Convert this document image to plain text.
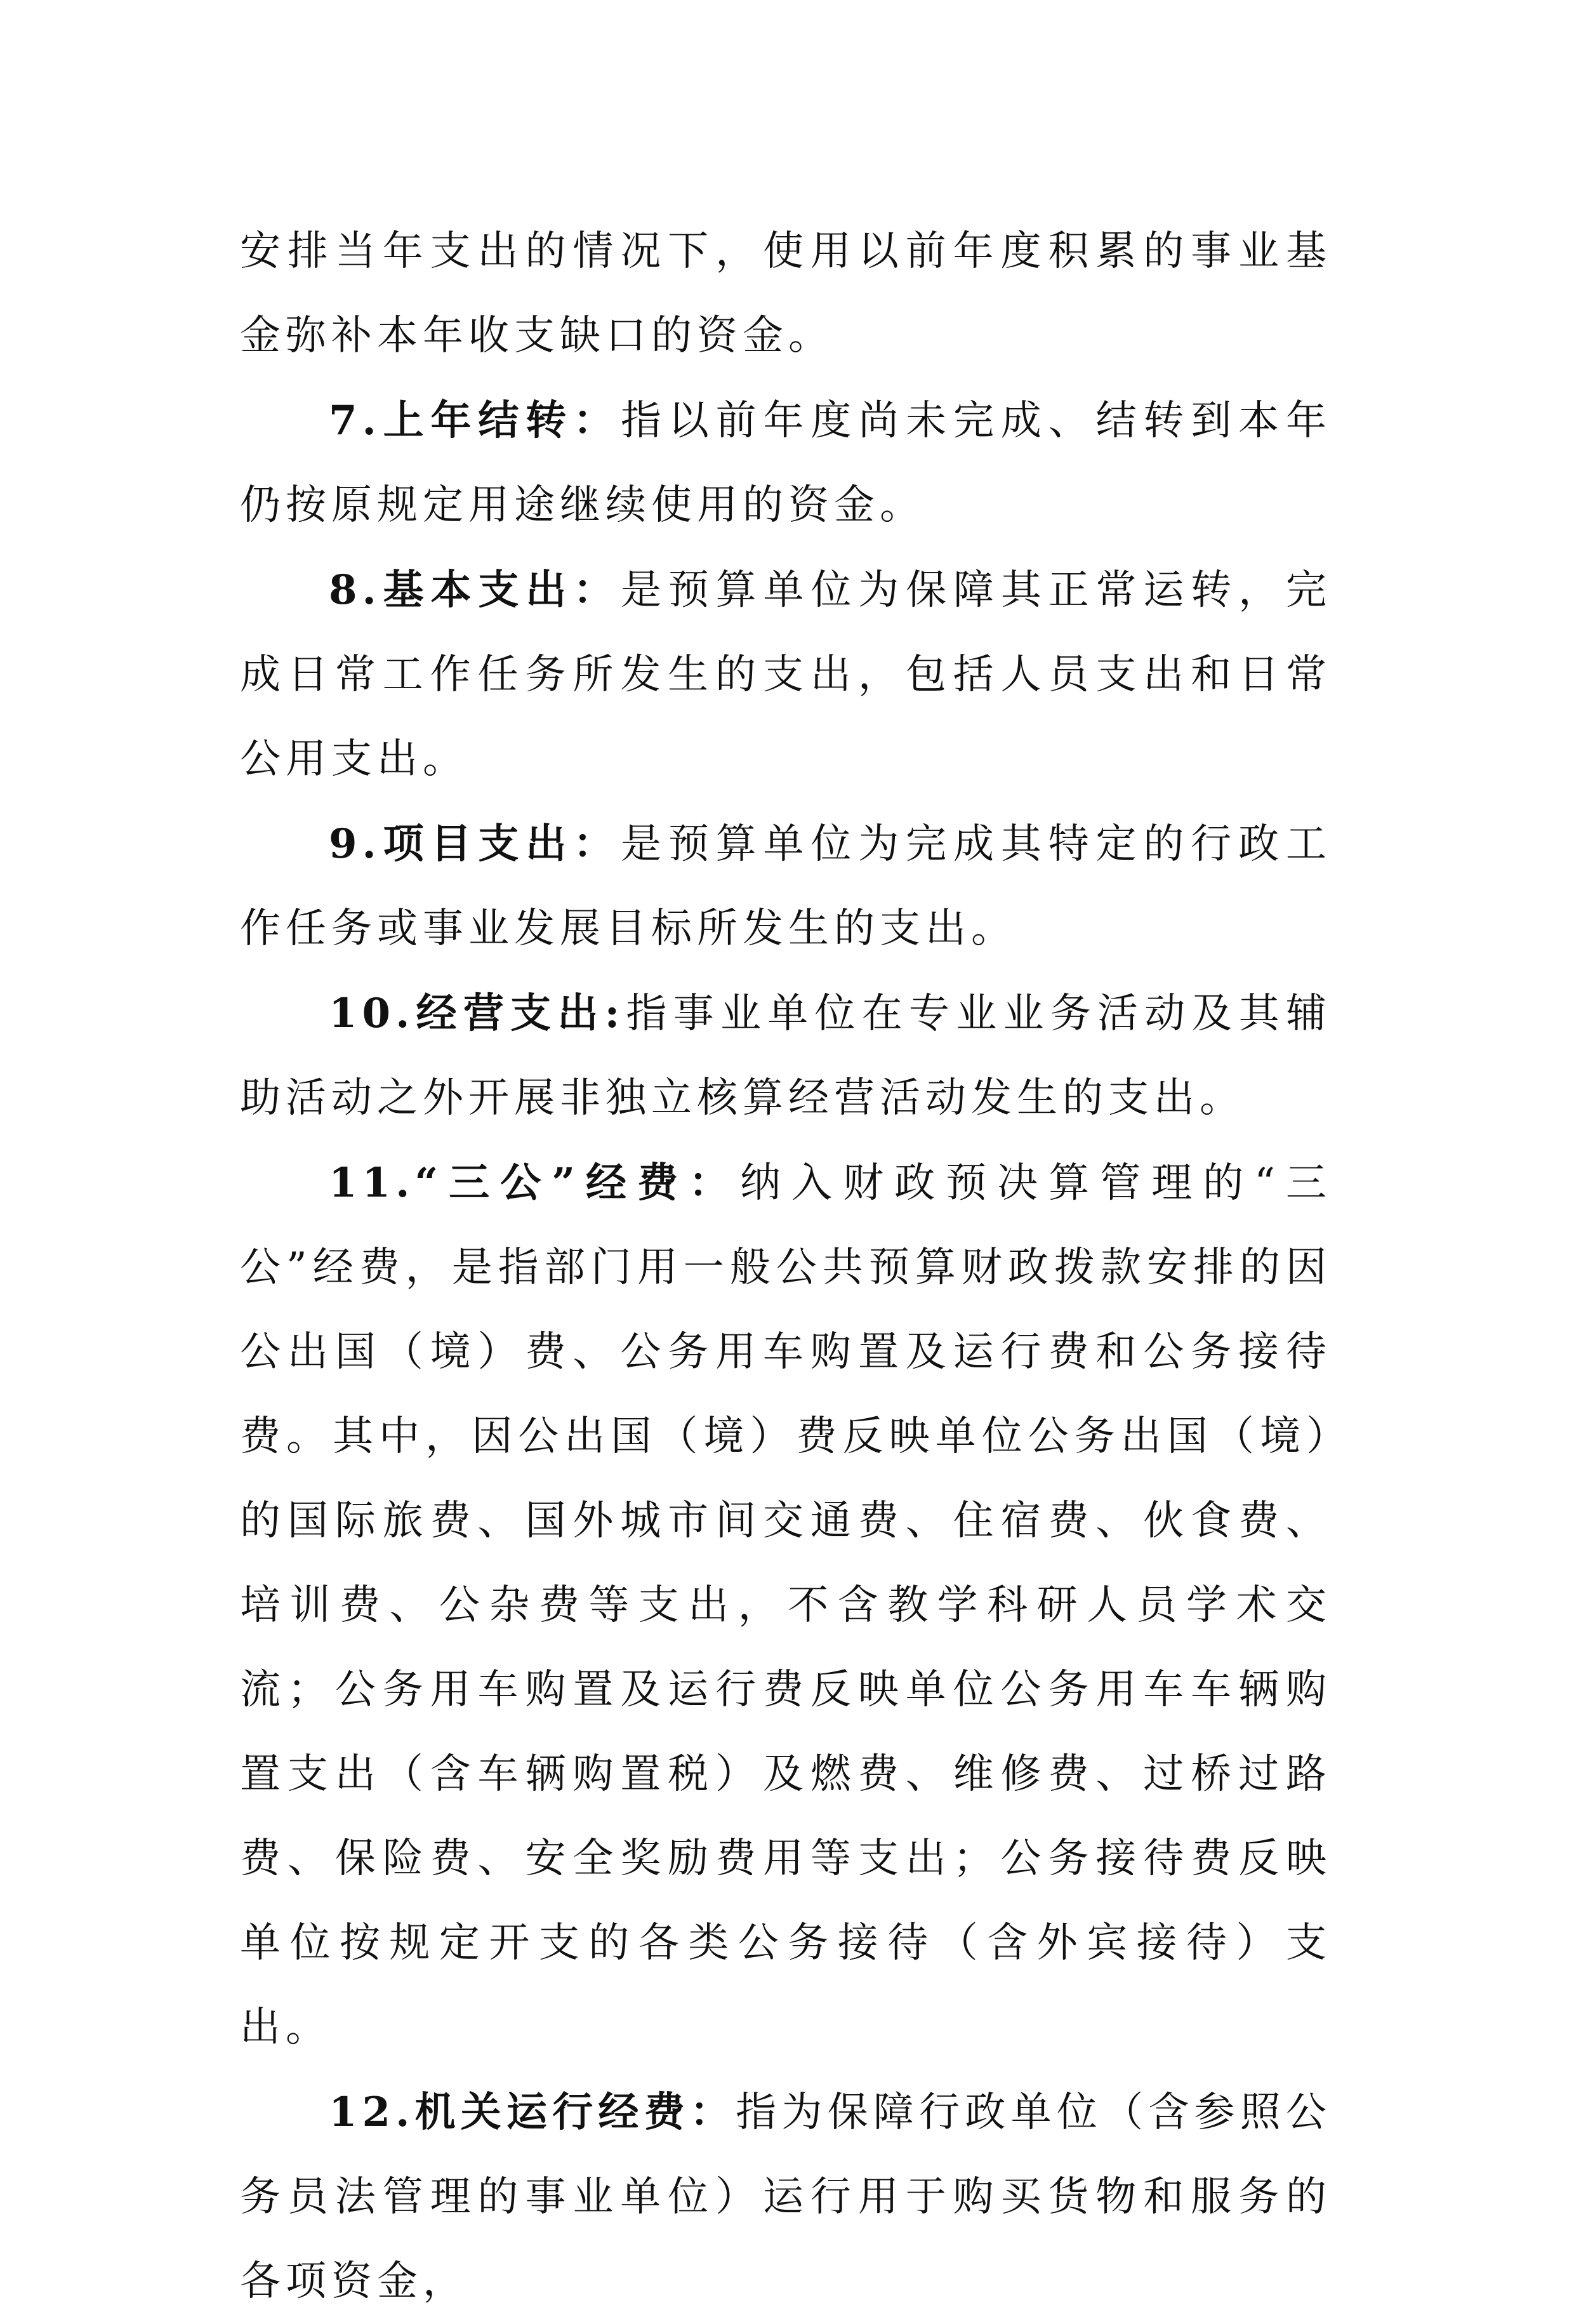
安排当年支出的情况下，使用以前年度积累的事业基金弥补本年收支缺口的资金。

7.上年结转：指以前年度尚未完成、结转到本年仍按原规定用途继续使用的资金。

8.基本支出：是预算单位为保障其正常运转，完成日常工作任务所发生的支出，包括人员支出和日常公用支出。

9.项目支出：是预算单位为完成其特定的行政工作任务或事业发展目标所发生的支出。

10.经营支出:指事业单位在专业业务活动及其辅助活动之外开展非独立核算经营活动发生的支出。

11.“三公”经费：纳入财政预决算管理的“三公”经费，是指部门用一般公共预算财政拨款安排的因公出国（境）费、公务用车购置及运行费和公务接待费。其中，因公出国（境）费反映单位公务出国（境）的国际旅费、国外城市间交通费、住宿费、伙食费、培训费、公杂费等支出，不含教学科研人员学术交流；公务用车购置及运行费反映单位公务用车车辆购置支出（含车辆购置税）及燃费、维修费、过桥过路费、保险费、安全奖励费用等支出；公务接待费反映单位按规定开支的各类公务接待（含外宾接待）支出。

12.机关运行经费：指为保障行政单位（含参照公务员法管理的事业单位）运行用于购买货物和服务的各项资金，
